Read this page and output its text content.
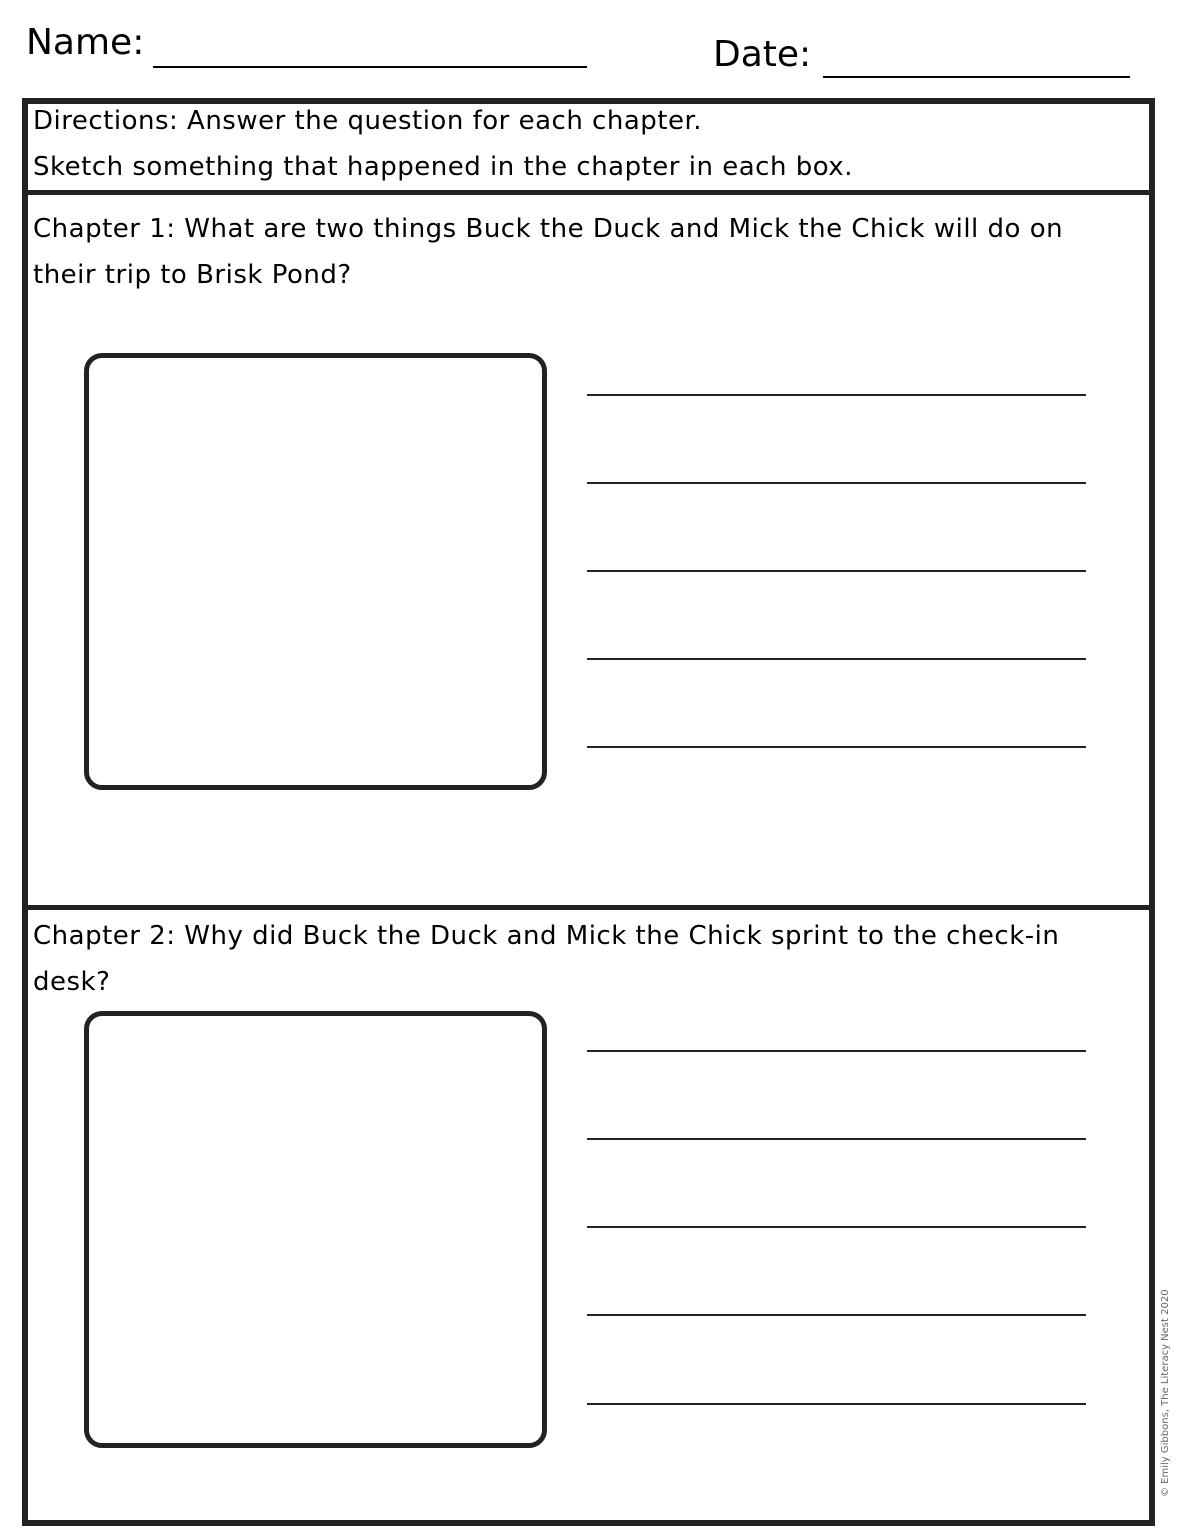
Name:	Date:
Directions: Answer the question for each chapter.
Sketch something that happened in the chapter in each box.
Chapter 1: What are two things Buck the Duck and Mick the Chick will do on their trip to Brisk Pond?
Chapter 2: Why did Buck the Duck and Mick the Chick sprint to the check-in desk?
© Emily Gibbons, The Literacy Nest 2020
